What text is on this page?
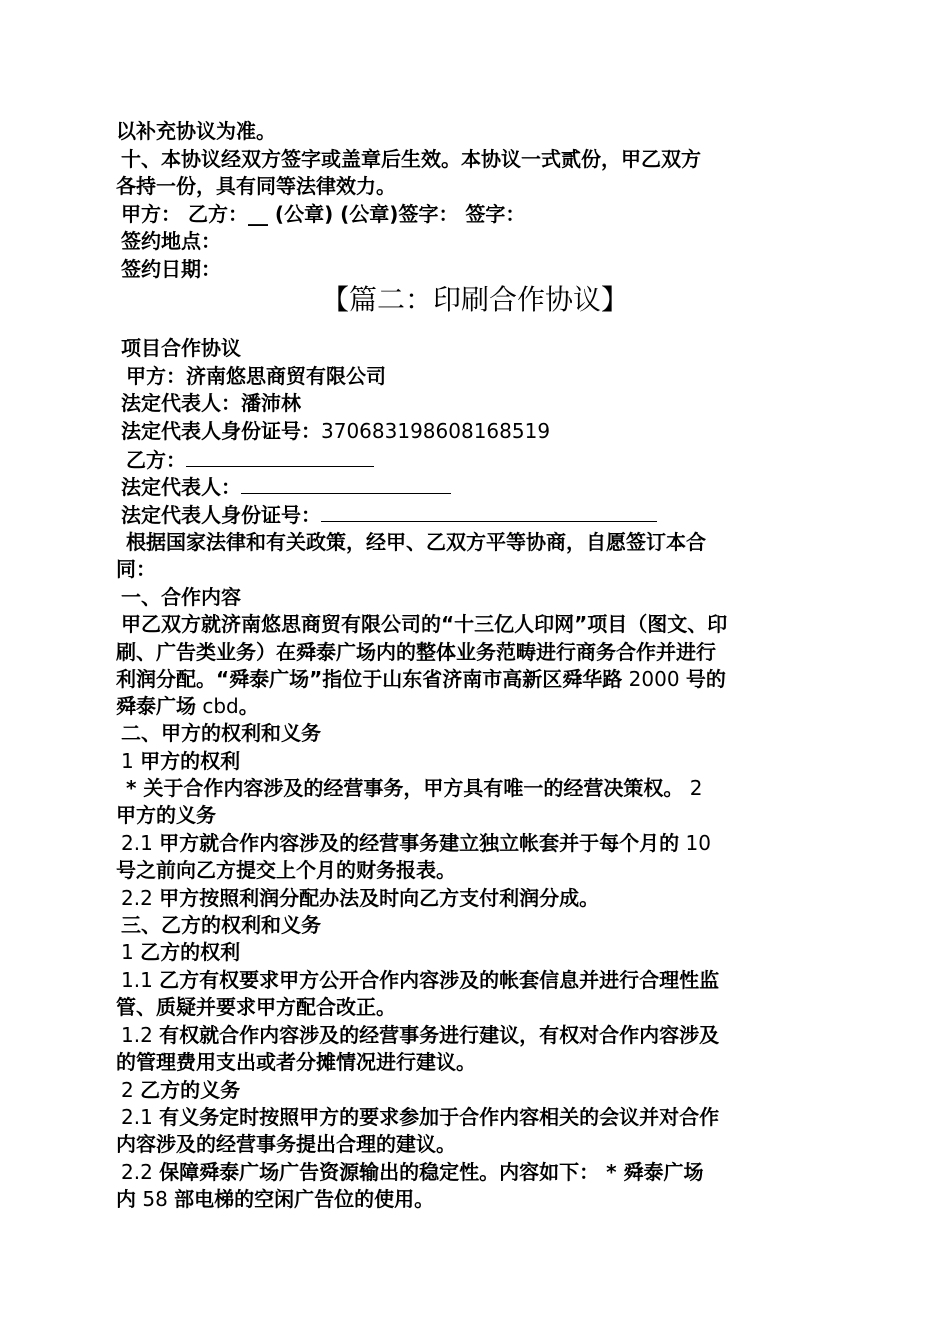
以补充协议为准。
十、本协议经双方签字或盖章后生效。本协议一式贰份，甲乙双方
各持一份，具有同等法律效力。
甲方： 乙方：__ (公章) (公章)签字： 签字：
签约地点：
签约日期：
【篇二：印刷合作协议】
项目合作协议
甲方：济南悠思商贸有限公司
法定代表人：潘沛林
法定代表人身份证号：370683198608168519
乙方：
法定代表人：
法定代表人身份证号：
根据国家法律和有关政策，经甲、乙双方平等协商，自愿签订本合
同：
一、合作内容
甲乙双方就济南悠思商贸有限公司的“十三亿人印网”项目（图文、印
刷、广告类业务）在舜泰广场内的整体业务范畴进行商务合作并进行
利润分配。“舜泰广场”指位于山东省济南市高新区舜华路 2000 号的
舜泰广场 cbd。
二、甲方的权利和义务
1 甲方的权利
* 关于合作内容涉及的经营事务，甲方具有唯一的经营决策权。 2
甲方的义务
2.1 甲方就合作内容涉及的经营事务建立独立帐套并于每个月的 10
号之前向乙方提交上个月的财务报表。
2.2 甲方按照利润分配办法及时向乙方支付利润分成。
三、乙方的权利和义务
1 乙方的权利
1.1 乙方有权要求甲方公开合作内容涉及的帐套信息并进行合理性监
管、质疑并要求甲方配合改正。
1.2 有权就合作内容涉及的经营事务进行建议，有权对合作内容涉及
的管理费用支出或者分摊情况进行建议。
2 乙方的义务
2.1 有义务定时按照甲方的要求参加于合作内容相关的会议并对合作
内容涉及的经营事务提出合理的建议。
2.2 保障舜泰广场广告资源输出的稳定性。内容如下： * 舜泰广场
内 58 部电梯的空闲广告位的使用。
